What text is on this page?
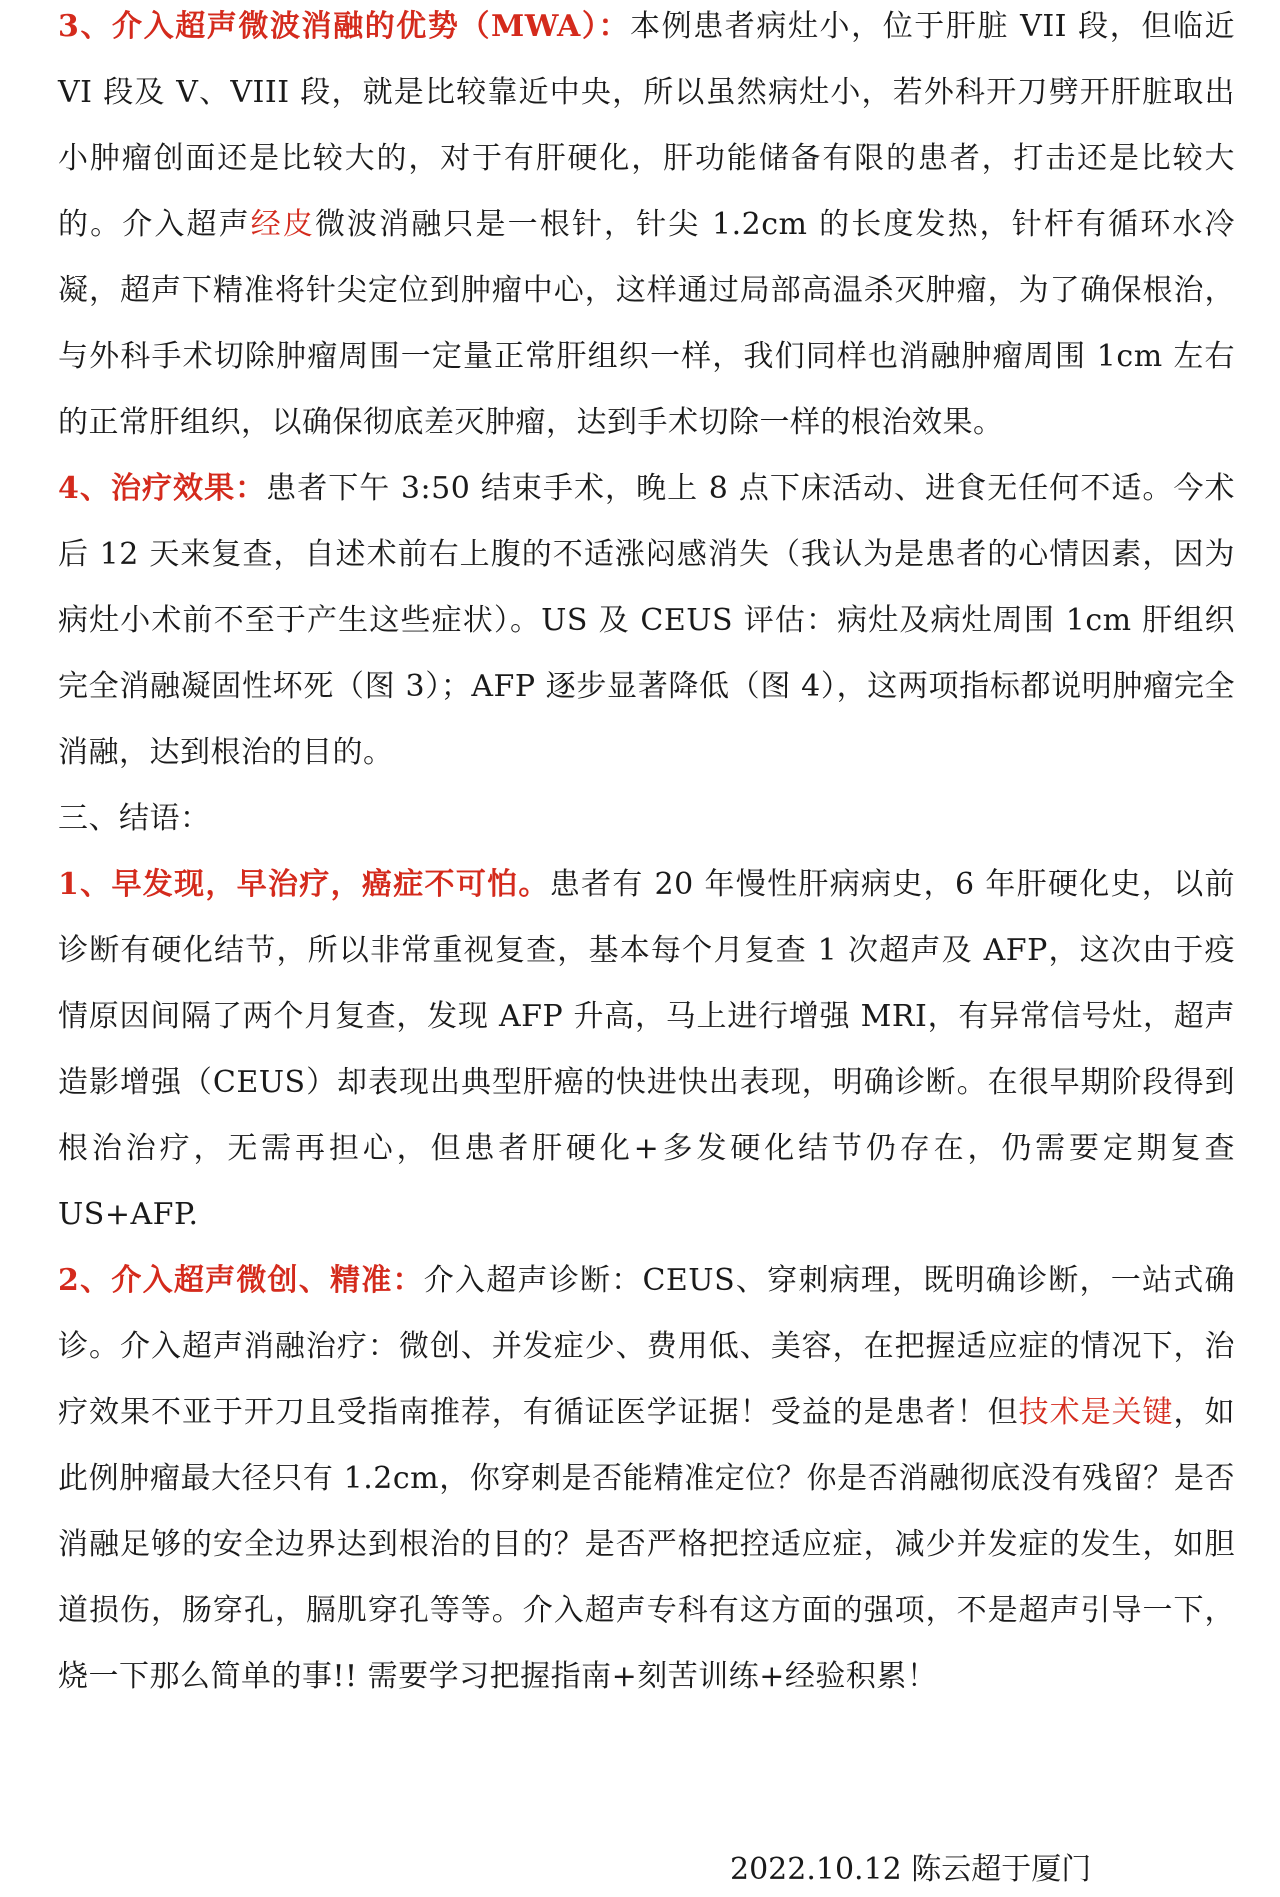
3、介入超声微波消融的优势（MWA）：本例患者病灶小，位于肝脏 VII 段，但临近 VI 段及 V、VIII 段，就是比较靠近中央，所以虽然病灶小，若外科开刀劈开肝脏取出小肿瘤创面还是比较大的，对于有肝硬化，肝功能储备有限的患者，打击还是比较大的。介入超声经皮微波消融只是一根针，针尖 1.2cm 的长度发热，针杆有循环水冷凝，超声下精准将针尖定位到肿瘤中心，这样通过局部高温杀灭肿瘤，为了确保根治，与外科手术切除肿瘤周围一定量正常肝组织一样，我们同样也消融肿瘤周围 1cm 左右的正常肝组织，以确保彻底差灭肿瘤，达到手术切除一样的根治效果。

4、治疗效果：患者下午 3:50 结束手术，晚上 8 点下床活动、进食无任何不适。今术后 12 天来复查，自述术前右上腹的不适涨闷感消失（我认为是患者的心情因素，因为病灶小术前不至于产生这些症状）。US 及 CEUS 评估：病灶及病灶周围 1cm 肝组织完全消融凝固性坏死（图 3）；AFP 逐步显著降低（图 4），这两项指标都说明肿瘤完全消融，达到根治的目的。

三、结语：

1、早发现，早治疗，癌症不可怕。患者有 20 年慢性肝病病史，6 年肝硬化史，以前诊断有硬化结节，所以非常重视复查，基本每个月复查 1 次超声及 AFP，这次由于疫情原因间隔了两个月复查，发现 AFP 升高，马上进行增强 MRI，有异常信号灶，超声造影增强（CEUS）却表现出典型肝癌的快进快出表现，明确诊断。在很早期阶段得到根治治疗，无需再担心，但患者肝硬化+多发硬化结节仍存在，仍需要定期复查 US+AFP.

2、介入超声微创、精准：介入超声诊断：CEUS、穿刺病理，既明确诊断，一站式确诊。介入超声消融治疗：微创、并发症少、费用低、美容，在把握适应症的情况下，治疗效果不亚于开刀且受指南推荐，有循证医学证据！受益的是患者！但技术是关键，如此例肿瘤最大径只有 1.2cm，你穿刺是否能精准定位？你是否消融彻底没有残留？是否消融足够的安全边界达到根治的目的？是否严格把控适应症，减少并发症的发生，如胆道损伤，肠穿孔，膈肌穿孔等等。介入超声专科有这方面的强项，不是超声引导一下，烧一下那么简单的事!! 需要学习把握指南+刻苦训练+经验积累！

2022.10.12 陈云超于厦门
